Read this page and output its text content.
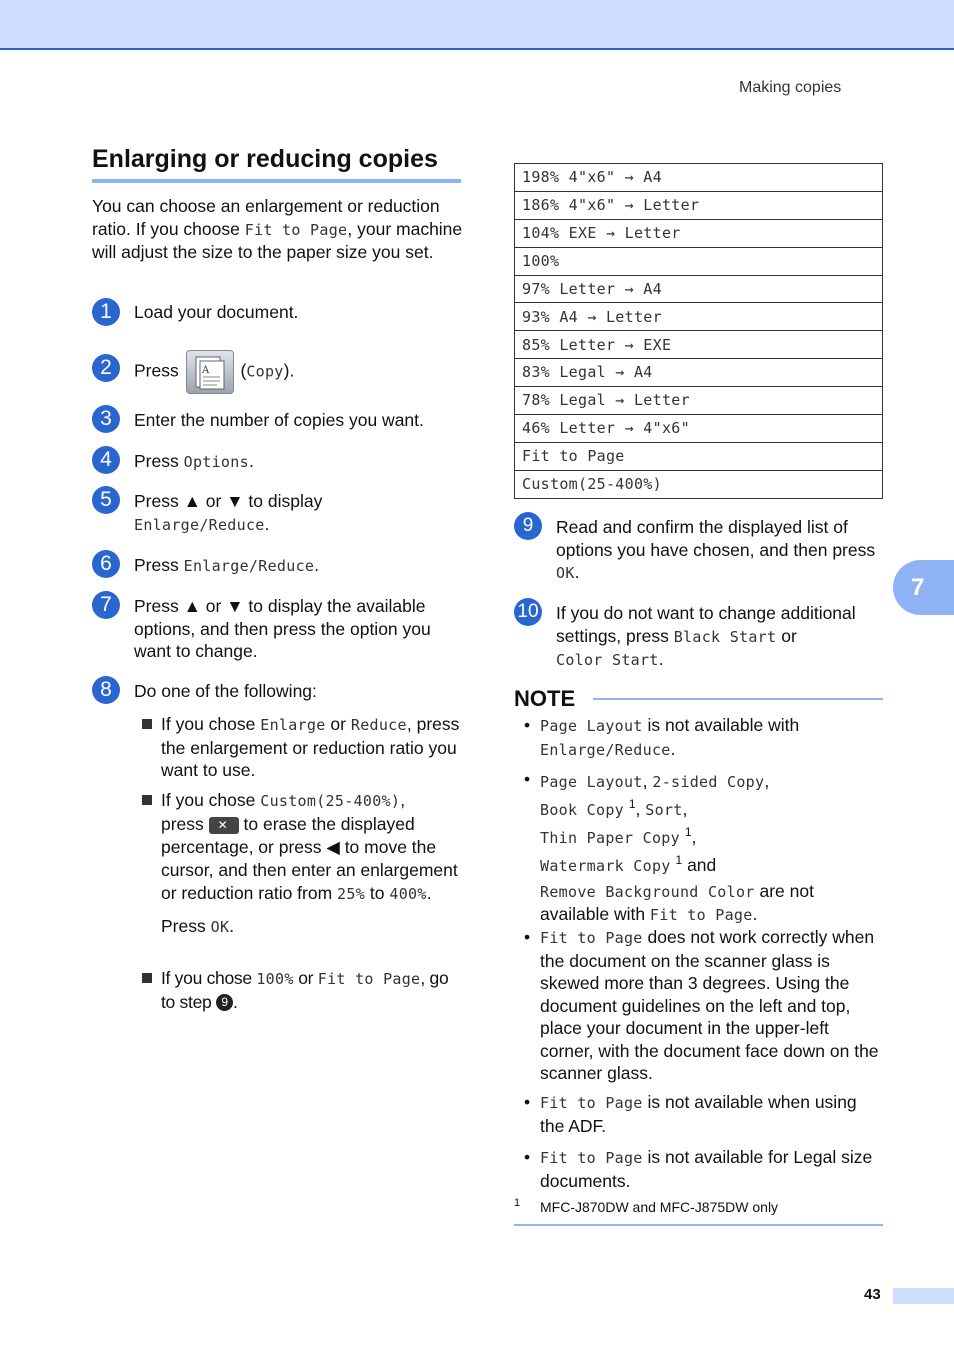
Making copies
7
Enlarging or reducing copies

You can choose an enlargement or reduction ratio. If you choose Fit to Page, your machine will adjust the size to the paper size you set.

1	Load your document.
2	Press A (Copy).
3	Enter the number of copies you want.
4	Press Options.
5	Press ▲ or ▼ to display
Enlarge/Reduce.
6	Press Enlarge/Reduce.
7	Press ▲ or ▼ to display the available options, and then press the option you want to change.
8	Do one of the following:
If you chose Enlarge or Reduce, press the enlargement or reduction ratio you want to use.
If you chose Custom(25-400%),
press ✕ to erase the displayed percentage, or press ◀ to move the cursor, and then enter an enlargement or reduction ratio from 25% to 400%.
Press OK.
If you chose 100% or Fit to Page, go to step 9 .
198% 4"x6" → A4
186% 4"x6" → Letter
104% EXE → Letter
100%
97% Letter → A4
93% A4 → Letter
85% Letter → EXE
83% Legal → A4
78% Legal → Letter
46% Letter → 4"x6"
Fit to Page
Custom(25-400%)
9	Read and confirm the displayed list of options you have chosen, and then press OK.
10 If you do not want to change additional settings, press Black Start or
Color Start.
NOTE
• Page Layout is not available with
Enlarge/Reduce.
• Page Layout, 2-sided Copy,
Book Copy $^1$, Sort,
Thin Paper Copy $^1$,
Watermark Copy $^1$ and
Remove Background Color are not available with Fit to Page.
• Fit to Page does not work correctly when the document on the scanner glass is skewed more than 3 degrees. Using the document guidelines on the left and top, place your document in the upper-left corner, with the document face down on the scanner glass.
• Fit to Page is not available when using the ADF.
• Fit to Page is not available for Legal size documents.
1 MFC-J870DW and MFC-J875DW only
43
